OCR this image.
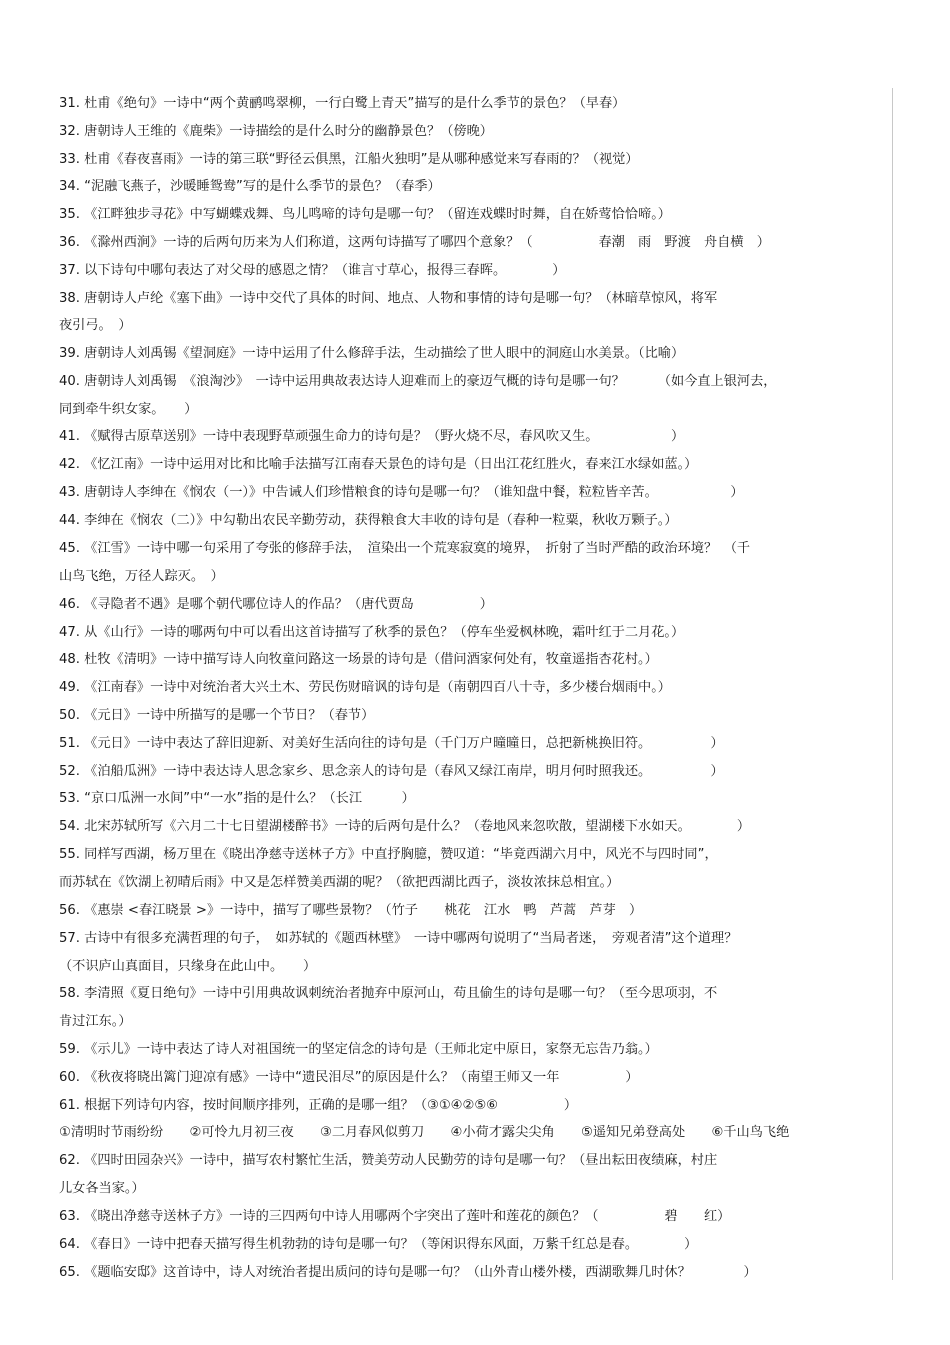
31. 杜甫《绝句》一诗中“两个黄鹂鸣翠柳，一行白鹭上青天”描写的是什么季节的景色？（早春）
32. 唐朝诗人王维的《鹿柴》一诗描绘的是什么时分的幽静景色？（傍晚）
33. 杜甫《春夜喜雨》一诗的第三联“野径云俱黑，江船火独明”是从哪种感觉来写春雨的？（视觉）
34. “泥融飞燕子，沙暖睡鸳鸯”写的是什么季节的景色？（春季）
35. 《江畔独步寻花》中写蝴蝶戏舞、鸟儿鸣啼的诗句是哪一句？（留连戏蝶时时舞，自在娇莺恰恰啼。）
36. 《滁州西涧》一诗的后两句历来为人们称道，这两句诗描写了哪四个意象？（　　　　　春潮　雨　野渡　舟自横　）
37. 以下诗句中哪句表达了对父母的感恩之情？（谁言寸草心，报得三春晖。　　　　）
38. 唐朝诗人卢纶《塞下曲》一诗中交代了具体的时间、地点、人物和事情的诗句是哪一句？（林暗草惊风，将军
夜引弓。　）
39. 唐朝诗人刘禹锡《望洞庭》一诗中运用了什么修辞手法，生动描绘了世人眼中的洞庭山水美景。（比喻）
40. 唐朝诗人刘禹锡　《浪淘沙》　一诗中运用典故表达诗人迎难而上的豪迈气概的诗句是哪一句？　　　（如今直上银河去，
同到牵牛织女家。　　）
41. 《赋得古原草送别》一诗中表现野草顽强生命力的诗句是？（野火烧不尽，春风吹又生。　　　　　　）
42. 《忆江南》一诗中运用对比和比喻手法描写江南春天景色的诗句是（日出江花红胜火，春来江水绿如蓝。）
43. 唐朝诗人李绅在《悯农（一）》中告诫人们珍惜粮食的诗句是哪一句？（谁知盘中餐，粒粒皆辛苦。　　　　　　）
44. 李绅在《悯农（二）》中勾勒出农民辛勤劳动，获得粮食大丰收的诗句是（春种一粒粟，秋收万颗子。）
45. 《江雪》一诗中哪一句采用了夸张的修辞手法，　渲染出一个荒寒寂寞的境界，　折射了当时严酷的政治环境？　（千
山鸟飞绝，万径人踪灭。　）
46. 《寻隐者不遇》是哪个朝代哪位诗人的作品？（唐代贾岛　　　　　）
47. 从《山行》一诗的哪两句中可以看出这首诗描写了秋季的景色？（停车坐爱枫林晚，霜叶红于二月花。）
48. 杜牧《清明》一诗中描写诗人向牧童问路这一场景的诗句是（借问酒家何处有，牧童遥指杏花村。）
49. 《江南春》一诗中对统治者大兴土木、劳民伤财暗讽的诗句是（南朝四百八十寺，多少楼台烟雨中。）
50. 《元日》一诗中所描写的是哪一个节日？（春节）
51. 《元日》一诗中表达了辞旧迎新、对美好生活向往的诗句是（千门万户曈曈日，总把新桃换旧符。　　　　　）
52. 《泊船瓜洲》一诗中表达诗人思念家乡、思念亲人的诗句是（春风又绿江南岸，明月何时照我还。　　　　　）
53. “京口瓜洲一水间”中“一水”指的是什么？（长江　　　）
54. 北宋苏轼所写《六月二十七日望湖楼醉书》一诗的后两句是什么？（卷地风来忽吹散，望湖楼下水如天。　　　　）
55. 同样写西湖，杨万里在《晓出净慈寺送林子方》中直抒胸臆，赞叹道：“毕竟西湖六月中，风光不与四时同”，
而苏轼在《饮湖上初晴后雨》中又是怎样赞美西湖的呢？（欲把西湖比西子，淡妆浓抹总相宜。）
56. 《惠崇 <春江晓景 >》一诗中，描写了哪些景物？（竹子　　桃花　江水　鸭　芦蒿　芦芽　）
57. 古诗中有很多充满哲理的句子，　如苏轼的《题西林壁》　一诗中哪两句说明了“当局者迷，　旁观者清”这个道理？
（不识庐山真面目，只缘身在此山中。　　）
58. 李清照《夏日绝句》一诗中引用典故讽刺统治者抛弃中原河山，苟且偷生的诗句是哪一句？（至今思项羽，不
肯过江东。）
59. 《示儿》一诗中表达了诗人对祖国统一的坚定信念的诗句是（王师北定中原日，家祭无忘告乃翁。）
60. 《秋夜将晓出篱门迎凉有感》一诗中“遗民泪尽”的原因是什么？（南望王师又一年　　　　　）
61. 根据下列诗句内容，按时间顺序排列，正确的是哪一组？（③①④②⑤⑥　　　　　）
①清明时节雨纷纷　　②可怜九月初三夜　　③二月春风似剪刀　　④小荷才露尖尖角　　⑤遥知兄弟登高处　　⑥千山鸟飞绝
62. 《四时田园杂兴》一诗中，描写农村繁忙生活，赞美劳动人民勤劳的诗句是哪一句？（昼出耘田夜绩麻，村庄
儿女各当家。）
63. 《晓出净慈寺送林子方》一诗的三四两句中诗人用哪两个字突出了莲叶和莲花的颜色？（　　　　　碧　　红）
64. 《春日》一诗中把春天描写得生机勃勃的诗句是哪一句？（等闲识得东风面，万紫千红总是春。　　　　）
65. 《题临安邸》这首诗中，诗人对统治者提出质问的诗句是哪一句？（山外青山楼外楼，西湖歌舞几时休？　　　　）
